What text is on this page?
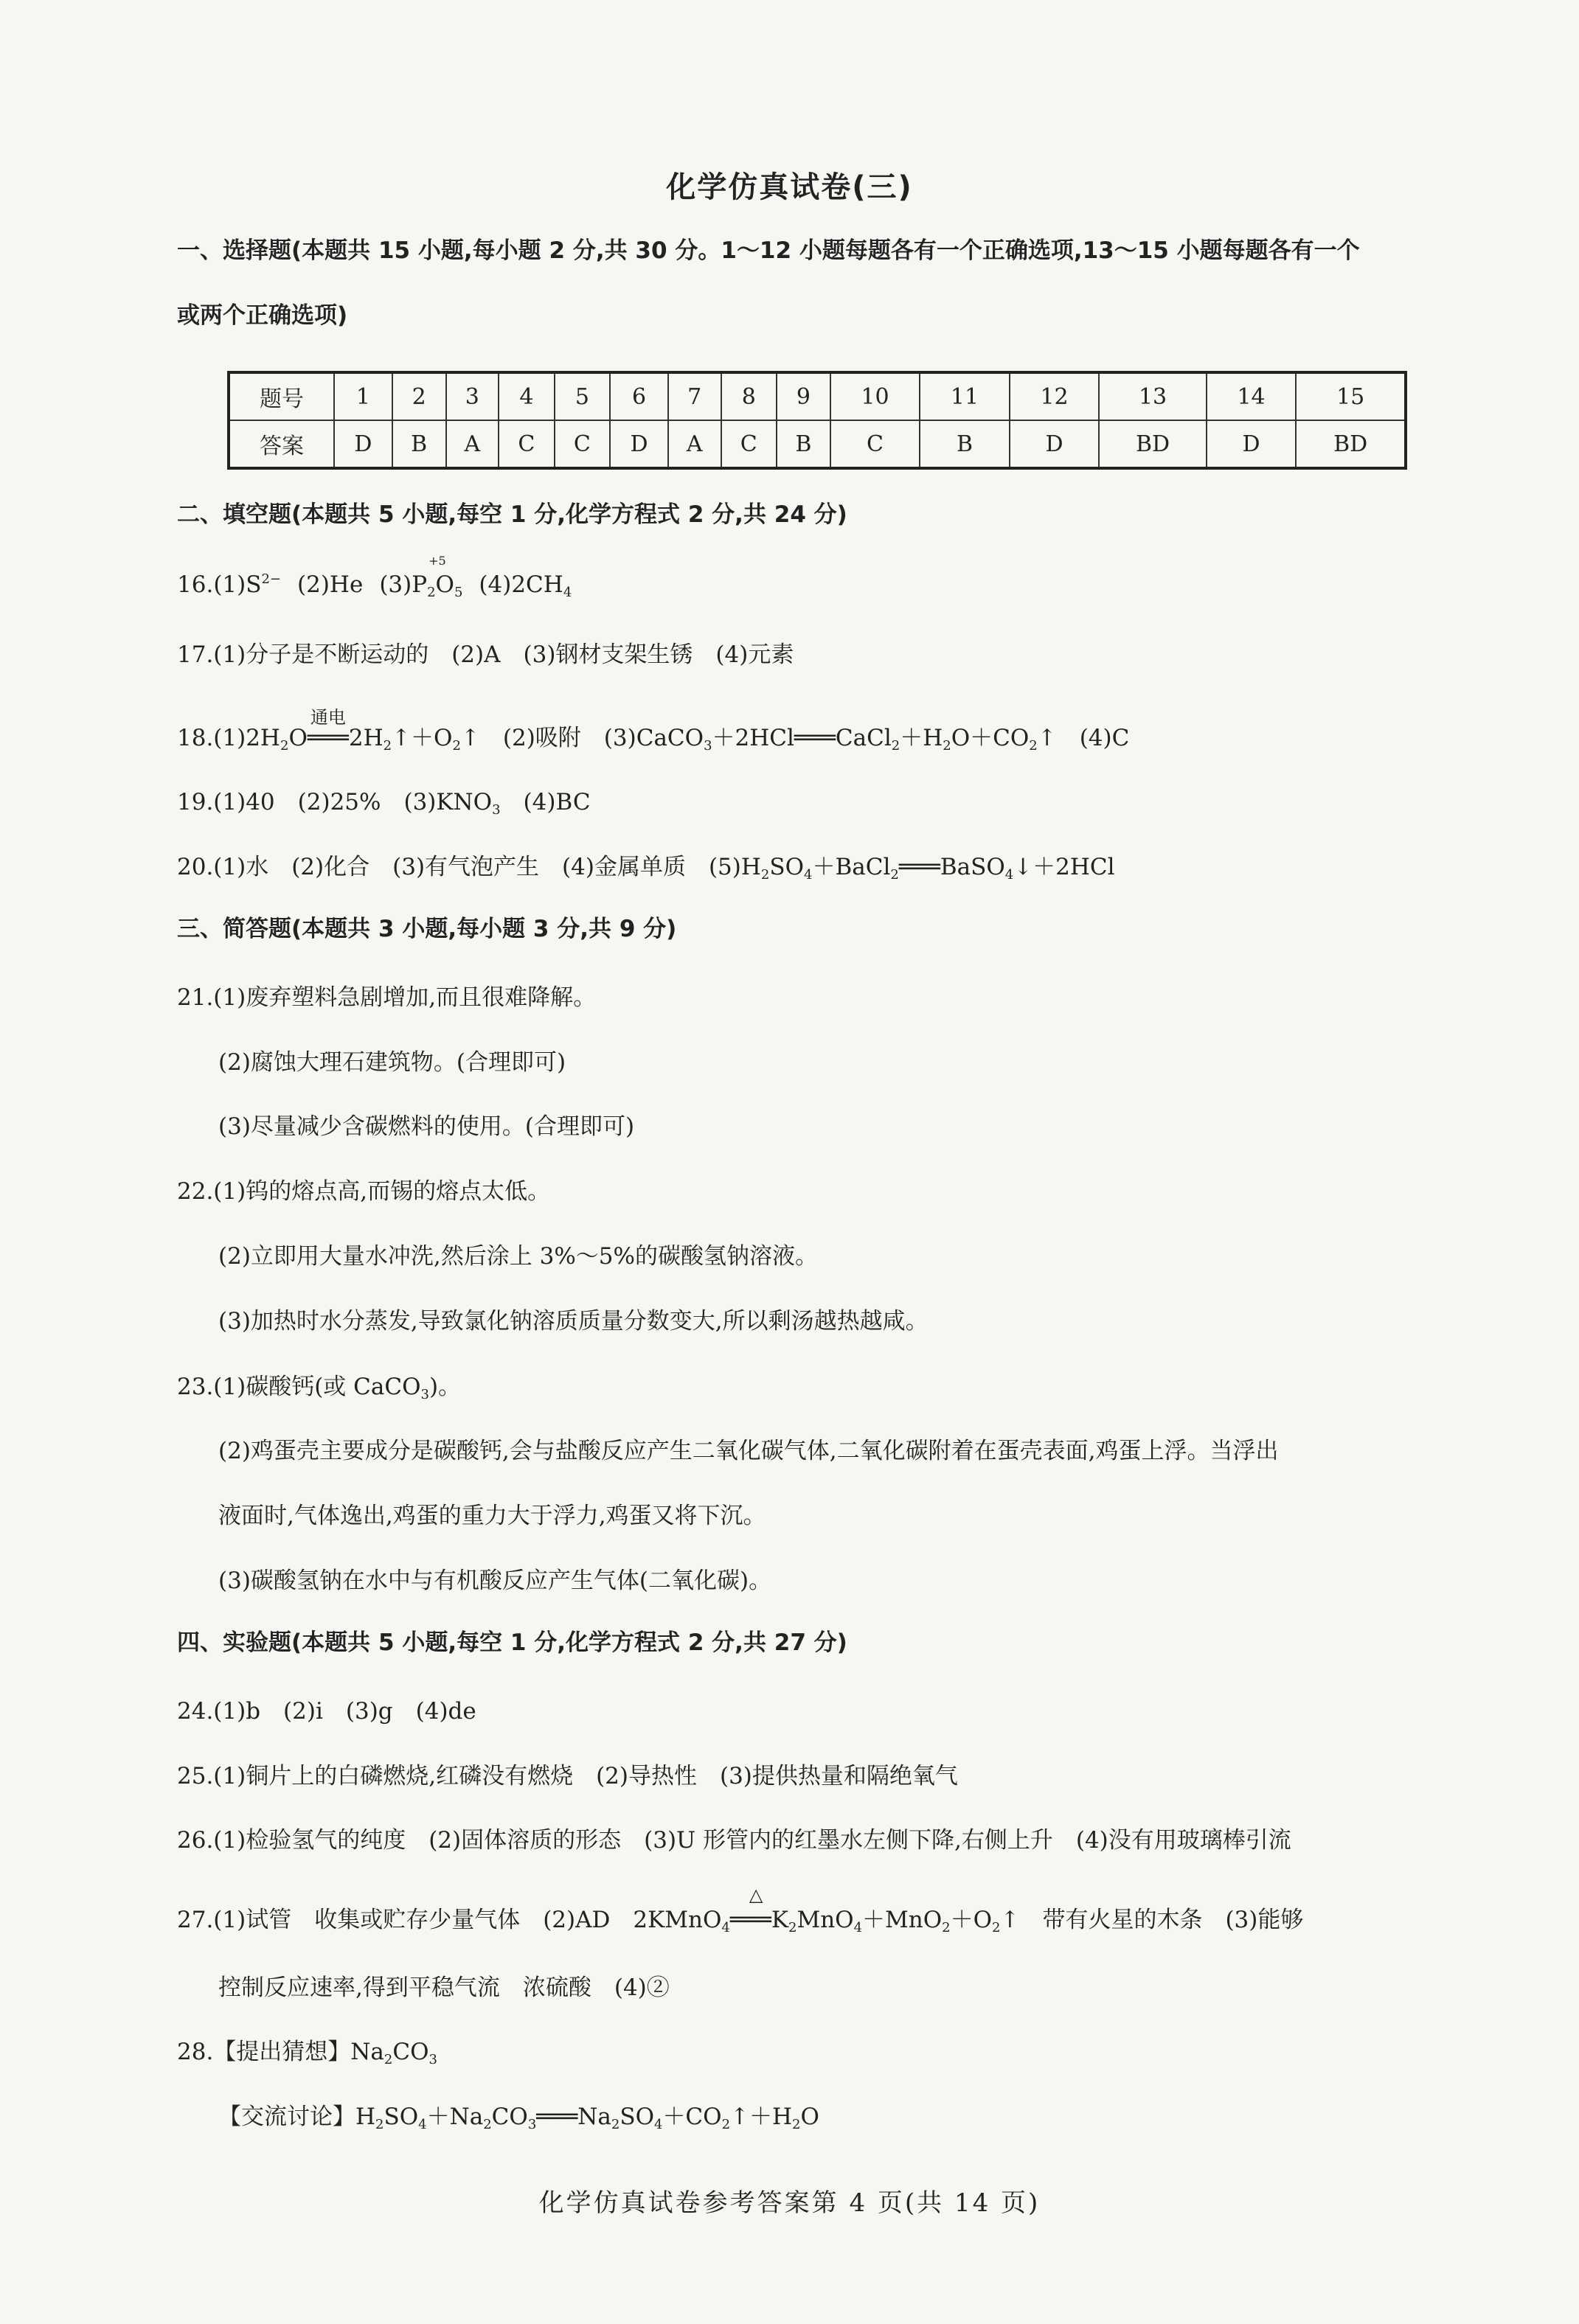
化学仿真试卷(三)
一、选择题(本题共 15 小题,每小题 2 分,共 30 分。1～12 小题每题各有一个正确选项,13～15 小题每题各有一个
或两个正确选项)
题号	1	2	3	4	5	6	7	8	9	10	11	12	13	14	15
答案	D	B	A	C	C	D	A	C	B	C	B	D	BD	D	BD
二、填空题(本题共 5 小题,每空 1 分,化学方程式 2 分,共 24 分)
$16.(1)S^{2-}$ (2)He (3)P
+5
$_2O_5$ $(4)2CH_4$
17.(1)分子是不断运动的　(2)A　(3)钢材支架生锈　(4)元素
$18.(1)2H_2O$
通电
$═══2H_2↑+O_2↑$　(2)吸附　$(3)CaCO_3+2HCl═══CaCl_2+H_2O+CO_2↑$　(4)C
19.(1)40　(2)25%　$(3)KNO_3$　(4)BC
20.(1)水　(2)化合　(3)有气泡产生　(4)金属单质　$(5)H_2SO_4+BaCl_2═══BaSO_4↓+2HCl$
三、简答题(本题共 3 小题,每小题 3 分,共 9 分)
21.(1)废弃塑料急剧增加,而且很难降解。
(2)腐蚀大理石建筑物。(合理即可)
(3)尽量减少含碳燃料的使用。(合理即可)
22.(1)钨的熔点高,而锡的熔点太低。
(2)立即用大量水冲洗,然后涂上 3%～5%的碳酸氢钠溶液。
(3)加热时水分蒸发,导致氯化钠溶质质量分数变大,所以剩汤越热越咸。
23.(1)碳酸钙(或 CaCO$_3$)。
(2)鸡蛋壳主要成分是碳酸钙,会与盐酸反应产生二氧化碳气体,二氧化碳附着在蛋壳表面,鸡蛋上浮。当浮出
液面时,气体逸出,鸡蛋的重力大于浮力,鸡蛋又将下沉。
(3)碳酸氢钠在水中与有机酸反应产生气体(二氧化碳)。
四、实验题(本题共 5 小题,每空 1 分,化学方程式 2 分,共 27 分)
24.(1)b　(2)i　(3)g　(4)de
25.(1)铜片上的白磷燃烧,红磷没有燃烧　(2)导热性　(3)提供热量和隔绝氧气
26.(1)检验氢气的纯度　(2)固体溶质的形态　(3)U 形管内的红墨水左侧下降,右侧上升　(4)没有用玻璃棒引流
27.(1)试管　收集或贮存少量气体　(2)AD　2KMnO$_4$
△
$═══K_2MnO_4+MnO_2+O_2↑$　带有火星的木条　(3)能够
控制反应速率,得到平稳气流　浓硫酸　(4)②
28.【提出猜想】$Na_2CO_3$
【交流讨论】$H_2SO_4+Na_2CO_3═══Na_2SO_4+CO_2↑+H_2O$
化学仿真试卷参考答案第 4 页(共 14 页)
